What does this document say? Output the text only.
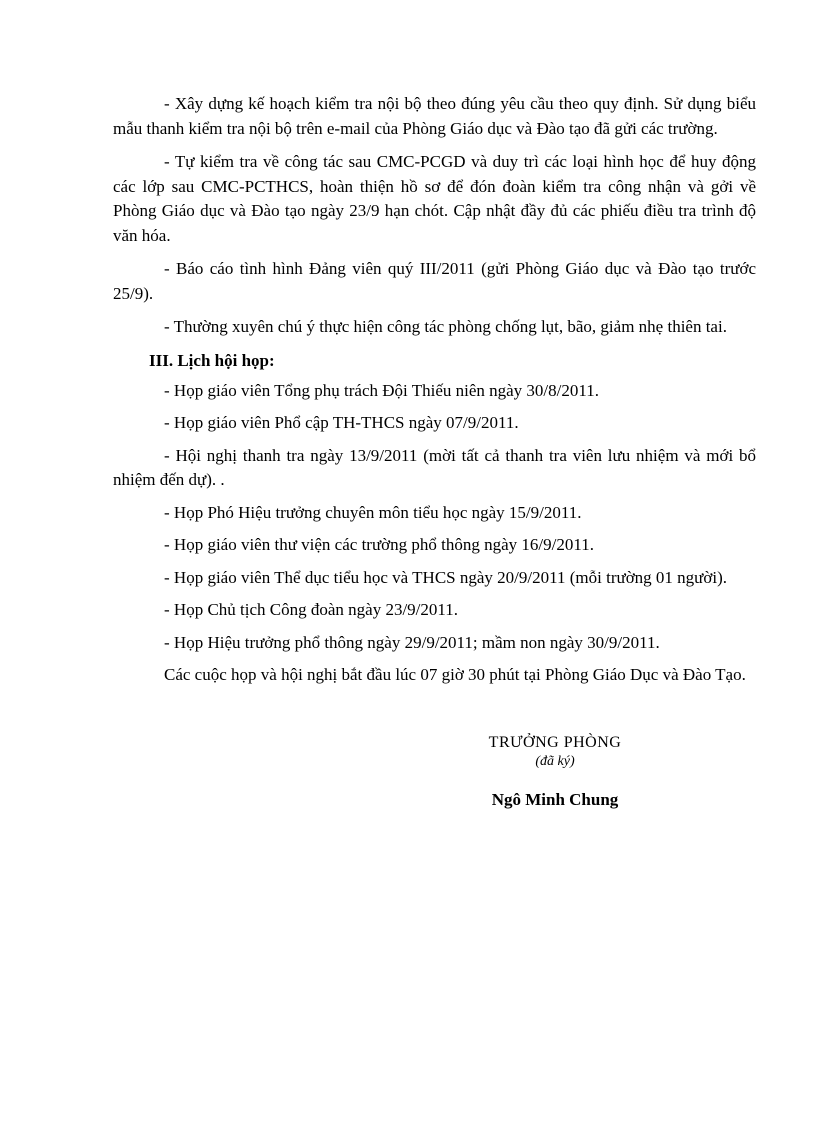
- Xây dựng kế hoạch kiểm tra nội bộ theo đúng yêu cầu theo quy định. Sử dụng biểu mẫu thanh kiểm tra nội bộ trên e-mail của Phòng Giáo dục và Đào tạo đã gửi các trường.

- Tự kiểm tra về công tác sau CMC-PCGD và duy trì các loại hình học để huy động các lớp sau CMC-PCTHCS, hoàn thiện hồ sơ để đón đoàn kiểm tra công nhận và gởi về Phòng Giáo dục và Đào tạo ngày 23/9 hạn chót. Cập nhật đầy đủ các phiếu điều tra trình độ văn hóa.

- Báo cáo tình hình Đảng viên quý III/2011 (gửi Phòng Giáo dục và Đào tạo trước 25/9).

- Thường xuyên chú ý thực hiện công tác phòng chống lụt, bão, giảm nhẹ thiên tai.

III. Lịch hội họp:

- Họp giáo viên Tổng phụ trách Đội Thiếu niên ngày 30/8/2011.

- Họp giáo viên Phổ cập TH-THCS ngày 07/9/2011.

- Hội nghị thanh tra ngày 13/9/2011 (mời tất cả thanh tra viên lưu nhiệm và mới bổ nhiệm đến dự). .

- Họp Phó Hiệu trưởng chuyên môn tiểu học ngày 15/9/2011.

- Họp giáo viên thư viện các trường phổ thông ngày 16/9/2011.

- Họp giáo viên Thể dục tiểu học và THCS ngày 20/9/2011 (mỗi trường 01 người).

- Họp Chủ tịch Công đoàn ngày 23/9/2011.

- Họp Hiệu trưởng phổ thông ngày 29/9/2011; mầm non ngày 30/9/2011.

Các cuộc họp và hội nghị bắt đầu lúc 07 giờ 30 phút tại Phòng Giáo Dục và Đào Tạo.

TRƯỞNG PHÒNG
(đã ký)
Ngô Minh Chung
